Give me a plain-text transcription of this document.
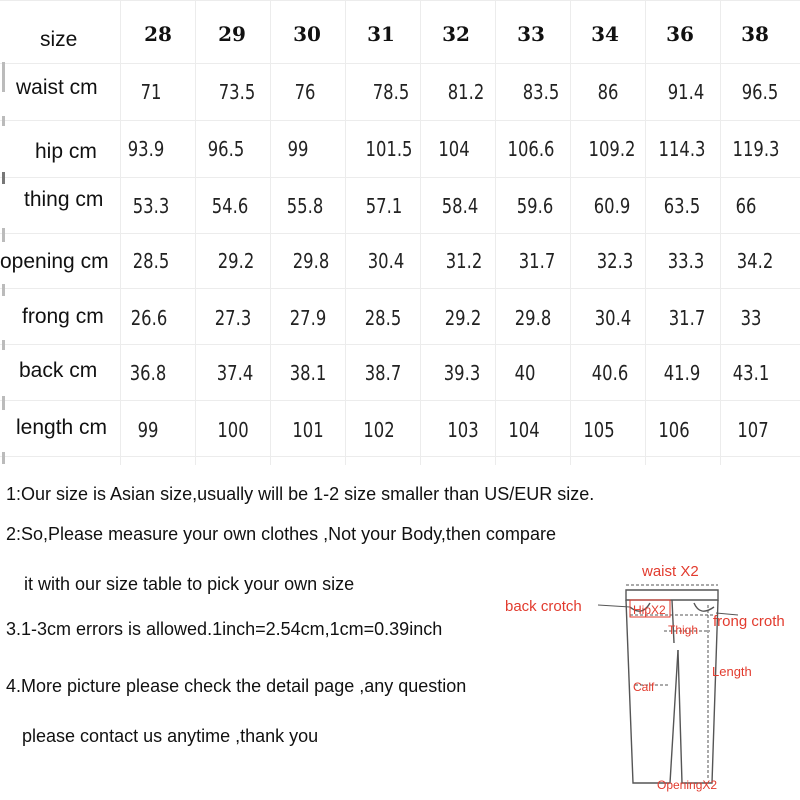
size	28 29 30 31 32 33 34 36 38
waist cm 71	73.5 76	78.5 81.2 83.5 86 91.4 96.5
hip cm 93.9 96.5 99	101.5 104 106.6 109.2 114.3 119.3
thing cm 53.3 54.6 55.8 57.1 58.4 59.6 60.9 63.5 66
opening cm 28.5 29.2 29.8 30.4 31.2 31.7 32.3 33.3 34.2
frong cm 26.6 27.3 27.9 28.5 29.2 29.8 30.4 31.7 33
back cm 36.8	37.4 38.1 38.7 39.3 40	40.6 41.9 43.1
length cm 99	100 101 102	103 104 105 106 107
1:Our size is Asian size,usually will be 1-2 size smaller than US/EUR size.
2:So,Please measure your own clothes ,Not your Body,then compare
it with our size table to pick your own size
3.1-3cm errors is allowed.1inch=2.54cm,1cm=0.39inch
4.More picture please check the detail page ,any question
please contact us anytime ,thank you
waist X2
back crotch	HipX2
Thigh frong croth
Length
Calf
OpeningX2
